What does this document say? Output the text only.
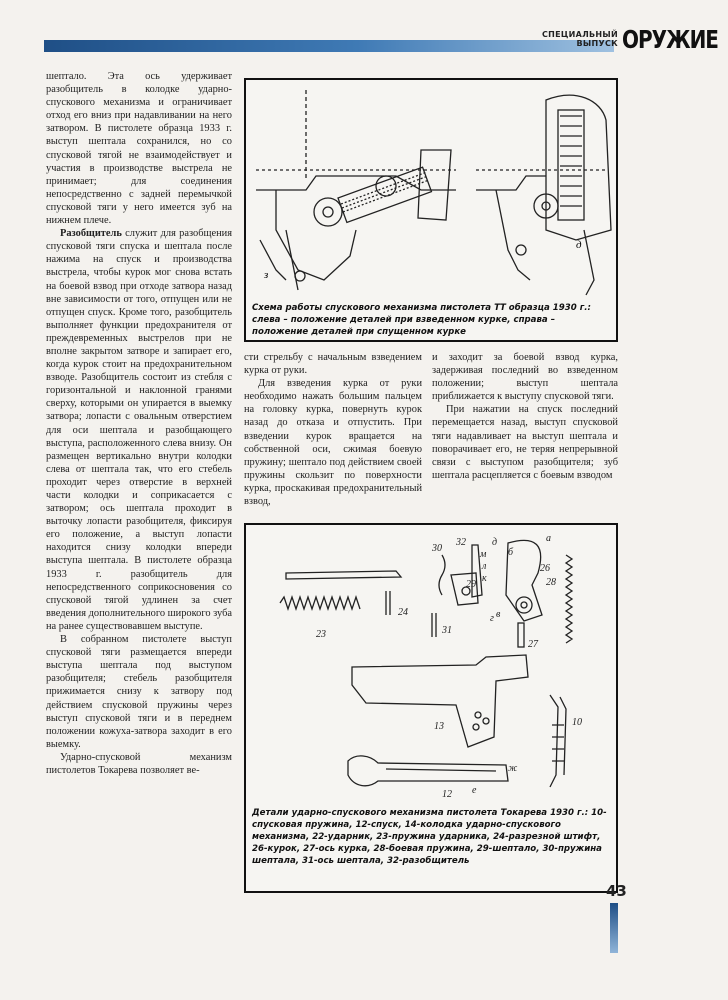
СПЕЦИАЛЬНЫЙ
ВЫПУСК ОРУЖИЕ

шептало. Эта ось удерживает разобщитель в колодке ударно-спускового механизма и ограничивает отход его вниз при надавливании на него затвором. В пистолете образца 1933 г. выступ шептала сохранился, но со спусковой тягой не взаимодействует и участия в производстве выстрела не принимает; для соединения непосредственно с задней перемычкой спусковой тяги у него имеется зуб на нижнем плече.

Разобщитель служит для разобщения спусковой тяги спуска и шептала после нажима на спуск и производства выстрела, чтобы курок мог снова встать на боевой взвод при отходе затвора назад вне зависимости от того, отпущен или не отпущен спуск. Кроме того, разобщитель выполняет функции предохранителя от преждевременных выстрелов при не вполне закрытом затворе и запирает его, когда курок стоит на предохранительном взводе. Разобщитель состоит из стебля с горизонтальной и наклонной гранями сверху, которыми он упирается в выемку затвора; лопасти с овальным отверстием для оси шептала и разобщающего выступа, расположенного слева внизу. Он размещен вертикально внутри колодки слева от шептала так, что его стебель проходит через отверстие в верхней части колодки и соприкасается с затвором; ось шептала проходит в выточку лопасти разобщителя, фиксируя его положение, а выступ лопасти находится снизу колодки впереди выступа шептала. В пистолете образца 1933 г. разобщитель для непосредственного соприкосновения со спусковой тягой удлинен за счет введения дополнительного широкого зуба на ранее существовавшем выступе.

В собранном пистолете выступ спусковой тяги размещается впереди выступа шептала под выступом разобщителя; стебель разобщителя прижимается снизу к затвору под действием спусковой пружины через выступ спусковой тяги и в переднем положении кожуха-затвора заходит в его выемку.

Ударно-спусковой механизм пистолетов Токарева позволяет ве-

з
д
Схема работы спускового механизма пистолета ТТ образца 1930 г.: слева – положение деталей при взведенном курке, справа – положение деталей при спущенном курке

сти стрельбу с начальным взведением курка от руки.

Для взведения курка от руки необходимо нажать большим пальцем на головку курка, повернуть курок назад до отказа и отпустить. При взведении курок вращается на собственной оси, сжимая боевую пружину; шептало под действием своей пружины скользит по поверхности курка, проскакивая предохранительный взвод,

и заходит за боевой взвод курка, задерживая последний во взведенном положении; выступ шептала приближается к выступу спусковой тяги.

При нажатии на спуск последний перемещается назад, выступ спусковой тяги надавливает на выступ шептала и поворачивает его, не теряя непрерывной связи с выступом разобщителя; зуб шептала расцепляется с боевым взводом

30
32
29	28
26
27
23
24
31
13	10
12
а
б
в
г
д
е
ж
к
л
м
Детали ударно-спускового механизма пистолета Токарева 1930 г.: 10-спусковая пружина, 12-спуск, 14-колодка ударно-спускового механизма, 22-ударник, 23-пружина ударника, 24-разрезной штифт, 26-курок, 27-ось курка, 28-боевая пружина, 29-шептало, 30-пружина шептала, 31-ось шептала, 32-разобщитель
43
